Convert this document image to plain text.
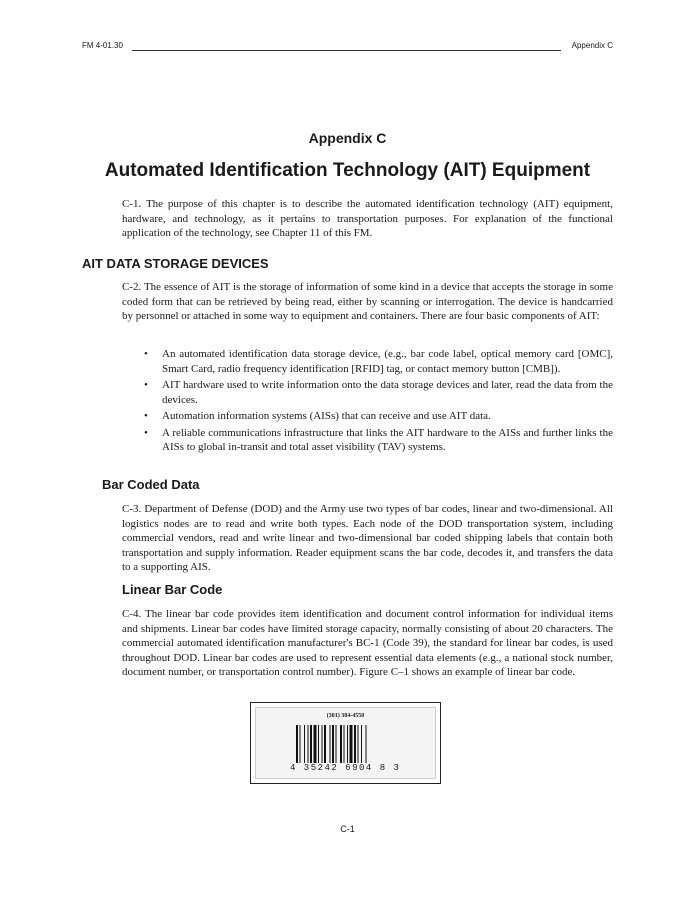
FM 4-01.30	Appendix C
Appendix C
Automated Identification Technology (AIT) Equipment
C-1. The purpose of this chapter is to describe the automated identification technology (AIT) equipment, hardware, and technology, as it pertains to transportation purposes. For explanation of the functional application of the technology, see Chapter 11 of this FM.
AIT DATA STORAGE DEVICES
C-2. The essence of AIT is the storage of information of some kind in a device that accepts the storage in some coded form that can be retrieved by being read, either by scanning or interrogation. The device is handcarried by personnel or attached in some way to equipment and containers. There are four basic components of AIT:
• An automated identification data storage device, (e.g., bar code label, optical memory card [OMC], Smart Card, radio frequency identification [RFID] tag, or contact memory button [CMB]).
• AIT hardware used to write information onto the data storage devices and later, read the data from the devices.
• Automation information systems (AISs) that can receive and use AIT data.
• A reliable communications infrastructure that links the AIT hardware to the AISs and further links the AISs to global in-transit and total asset visibility (TAV) systems.
Bar Coded Data
C-3. Department of Defense (DOD) and the Army use two types of bar codes, linear and two-dimensional. All logistics nodes are to read and write both types. Each node of the DOD transportation system, including commercial vendors, read and write linear and two-dimensional bar coded shipping labels that contain both transportation and supply information. Reader equipment scans the bar code, decodes it, and transfers the data to a supporting AIS.
Linear Bar Code
C-4. The linear bar code provides item identification and document control information for individual items and shipments. Linear bar codes have limited storage capacity, normally consisting of about 20 characters. The commercial automated identification manufacturer's BC-1 (Code 39), the standard for linear bar codes, is used throughout DOD. Linear bar codes are used to represent essential data elements (e.g., a national stock number, document number, or transportation control number). Figure C–1 shows an example of linear bar code.
(301) 384-4550
4 35242 6904 8 3
C-1
